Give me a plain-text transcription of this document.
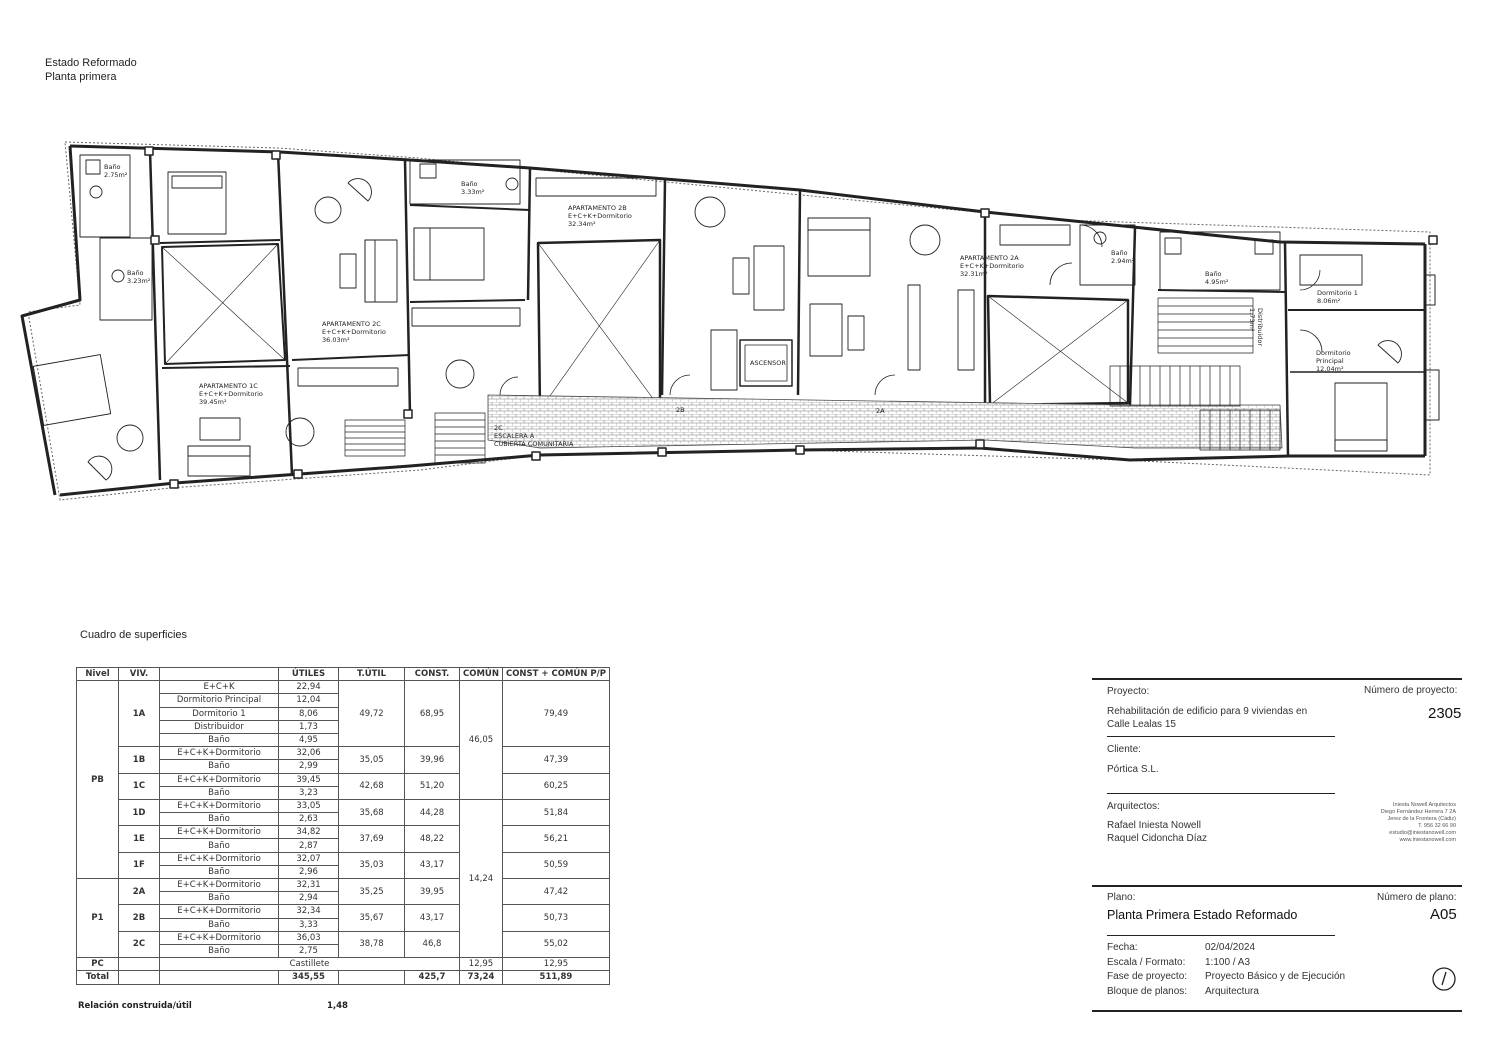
Estado Reformado
Planta primera
Baño 2.75m²
Baño 3.23m²
Baño 3.33m²
Baño 2.94m²
Baño 4.95m²
APARTAMENTO 2C E+C+K+Dormitorio 36.03m²
APARTAMENTO 1C E+C+K+Dormitorio 39.45m²
APARTAMENTO 2B E+C+K+Dormitorio 32.34m²
APARTAMENTO 2A E+C+K+Dormitorio 32.31m²
Dormitorio 1 8.06m²
Dormitorio Principal 12.04m²
Distribuidor1.73m²
ASCENSOR
2C ESCALERA A CUBIERTA COMUNITARIA
2B	2A
Cuadro de superficies
Nivel	VIV.		ÚTILES	T.ÚTIL	CONST.	COMÚN	CONST + COMÚN P/P
PB	1A	E+C+K	22,94	49,72	68,95	46,05	79,49
		Dormitorio Principal	12,04				
		Dormitorio 1	8,06				
		Distribuidor	1,73				
		Baño	4,95				
	1B	E+C+K+Dormitorio	32,06	35,05	39,96		47,39
		Baño	2,99				
	1C	E+C+K+Dormitorio	39,45	42,68	51,20		60,25
		Baño	3,23				
	1D	E+C+K+Dormitorio	33,05	35,68	44,28	14,24	51,84
		Baño	2,63				
	1E	E+C+K+Dormitorio	34,82	37,69	48,22		56,21
		Baño	2,87				
	1F	E+C+K+Dormitorio	32,07	35,03	43,17		50,59
		Baño	2,96				
P1	2A	E+C+K+Dormitorio	32,31	35,25	39,95		47,42
		Baño	2,94				
	2B	E+C+K+Dormitorio	32,34	35,67	43,17		50,73
		Baño	3,33				
	2C	E+C+K+Dormitorio	36,03	38,78	46,8		55,02
		Baño	2,75				
PC		Castillete				12,95	12,95
Total			345,55		425,7	73,24	511,89
Relación construida/útil	1,48
Proyecto:	Número de proyecto:
Rehabilitación de edificio para 9 viviendas en
Calle Lealas 15
2305
Cliente:
Pórtica S.L.
Arquitectos:
Rafael Iniesta Nowell
Raquel Cidoncha Díaz
Iniesta Nowell Arquitectos
Diego Fernández Herrera 7 2A
Jerez de la Frontera (Cádiz)
T. 956 32 66 90
estudio@iniestanowell.com
www.iniestanowell.com
Plano:	Número de plano:
Planta Primera Estado Reformado	A05
Fecha:	02/04/2024
Escala / Formato: 1:100 / A3
Fase de proyecto: Proyecto Básico y de Ejecución
Bloque de planos: Arquitectura
